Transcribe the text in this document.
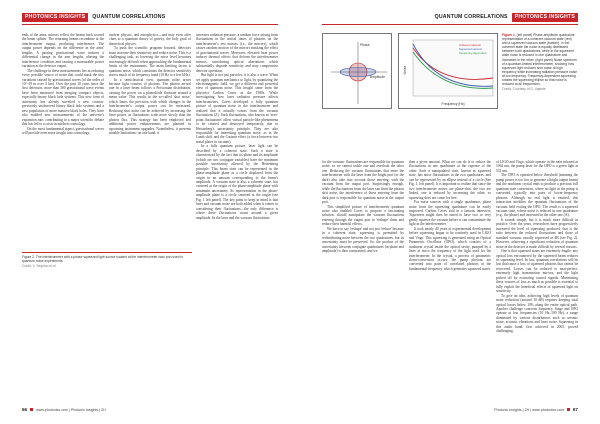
PHOTONICS INSIGHTS	QUANTUM CORRELATIONS

ends of the arms, mirrors reflect the beams back toward the beam splitter. The returning beams recombine at the interferometer output, producing interference. The output power depends on the difference in the arms' lengths. A passing gravitational wave induces a differential change in the arm lengths, altering the interference condition and causing a measurable power variation at the detector output.

The challenge in these measurements lies in reducing every possible source of noise that could mask the tiny variations caused by gravitational waves (of the order of 10^-19 m over 4 km). Over the past 10 years since the first detection, more than 300 gravitational wave events have been measured from merging compact objects, especially binary black hole systems. This new form of astronomy has already unveiled a new cosmos: previously unobserved binary black hole systems and a new population of more massive black holes. They have also enabled new measurements of the universe's expansion rate, contributing to a major scientific debate that has led to a crisis in modern cosmology.

On the most fundamental aspect, gravitational waves will provide even more insight into cosmology,

nuclear physics, and astrophysics—and may even offer clues to a quantum theory of gravity, the holy grail of theoretical physics.

To push the scientific program forward, detectors must increase their sensitivity and reduce noise. This is a challenging task, as lowering the noise level becomes increasingly difficult when approaching the fundamental limits of the instruments. The main limiting factor is quantum noise, which constrains the detector sensitivity across much of its frequency band (10 Hz to a few kHz).

In a semiclassical view, quantum noise arises because light consists of photons. The photon arrival rate in a laser beam follows a Poissonian distribution, causing the power on a photodiode fluctuate around a mean value. This results in the so-called 'shot noise,' which limits the precision with which changes in the interferometer's output power can be measured. Reducing shot noise can be achieved by increasing the laser power, as fluctuations scale more slowly than the photon flux. This strategy has been employed and additional power enhancements are planned in upcoming instrument upgrades. Nonetheless, it presents notable limitations: on one hand, it

increases radiation pressure, a random force arising from fluctuations in the arrival times of photons on the interferometer's test masses (i.e., the mirrors), which causes random motion of the mirrors masking the effect of gravitational waves. Moreover, elevated laser power induces thermal effects that deform the interferometer mirrors, introducing optical aberrations which substantially degrade sensitivity and may compromise detector operation.

But light is not just particles, it is also a wave. When we apply quantum mechanics to light, by quantizing the electromagnetic field, we get a different and powerful view of quantum noise. This insight came from the physicist Carlton Caves in the 1980s. While investigating how laser radiation pressure affects interferometers, Caves developed a fully quantum picture of quantum noise in the interferometer and realized that it actually comes from the vacuum fluctuations (Z). Such fluctuations, also known as 'zero-point fluctuations' allow virtual particle-like phenomena to be created and destroyed temporarily, due to Heisenberg's uncertainty principle. They are also responsible for interesting quantum noise, as in the Lamb shift, and the Casimir effect (a force between two metal plates in vacuum).

In a fully quantum picture, laser light can be described by a coherent state. Such a state is characterized by the fact that its phase and its amplitude (which are two conjugate variables) have the minimum possible uncertainty allowed by the Heisenberg principle. This beam state can be represented in the phase-amplitude plane as a circle displaced from the origin in an amount corresponding to the beam's amplitude. A vacuum state is also a coherent state, but centered at the origin of the phase-amplitude plane with minimum uncertainty. Its representation in the phase-amplitude plane is a circle centered at the origin (see Fig. 1 left panel). The key point to keep in mind is that laser and vacuum noise are both added when it comes to considering their fluctuations—the only difference is where these fluctuations count around a given amplitude. In the laser and the vacuum fluctuations

Figure 2. The interferometer with a phase squeezed light source located at the interferometer dark port used in quantum noise experiments.
Credit: V. Sequino et al.
66	www.photonics.com | Photonic Insights | 2H
QUANTUM CORRELATIONS	PHOTONICS INSIGHTS
Amplitude
Phase
Frequency [Hz]
Noise
Coherent vacuum
Squeezed vacuum
Frequency-dependent
Figure 1. (left panel) Phase-amplitude quadrature representation of a coherent vacuum state (red) and a squeezed vacuum state (bottom). In the coherent state the noise is equally distributed between both quadratures, while in the squeezed state noise is reduced in one quadrature and increased in the other. (right panel) Noise spectrum of a quantum-limited interferometer, showing how squeezed light reduces shot noise at high frequency while increasing radiation pressure noise at low frequency. Frequency-dependent squeezing rotates the squeezing ellipse so that noise is reduced at all frequencies.
Credit: Courtesy of G. Vajente

for the vacuum: fluctuations are responsible for quantum noise, so we cannot tackle one and overlook the other one. Reducing the vacuum fluctuations that enter the interferometer with the laser from the bright port (or the dark) also take into account those entering, with the vacuum from the output port. Surprisingly enough, while the fluctuations from the laser can limit the photon shot noise, the interference of those entering from the dark port is responsible for quantum noise at the output port.

This simplified picture of interferometer quantum noise also enabled Caves to propose a fascinating solution: should manipulate the vacuum fluctuations entering through the output port to 'reshape' them and reduce their harmful effects.

We have to say 'reshape' and not just 'reduce' because in a coherent state, squeezing is permitted by redistributing noise between the two quadratures, but its uncertainty must be preserved. So: the product of the uncertainty between conjugate quadratures (in phase and amplitude) is then constrained, and we

then a given amount. What we can do is to reduce the fluctuations in one quadrature at the expense of the other. Such a manipulated state, known as squeezed state, has noise fluctuations in the two quadratures, and can be represented by an ellipse instead of a circle (See Fig. 1, left panel). It is important to realize that since the two interferometer noises are phase-shot, the two are linked, one is reduced by increasing the other, so squeezing does not come for free.

For noise sources with a single quadrature, phase noise from the squeezing quadrature can be easily improved. Carlton Caves said in a famous interview, 'Squeezers might then be tuned to have two or very gently squeeze the vacuum before it can contaminate the light in the interferometer.'

It took nearly 40 years of experimental development before squeezing began to be routinely used in LIGO and Virgo. This squeezing is generated using an Optical Parametric Oscillator (OPO), which consists of a nonlinear crystal inside the optical cavity, pumped by a laser at twice the frequency of the light used for the interferometer. In the crystal, a process of parametric down-conversion occurs: the pump photons are converted into pairs of correlated photons at the fundamental frequency, which generates squeezed states.

of LIGO and Virgo, which operate in the near infrared at 1064 nm, the pump laser for the OPO is a green light at 532 nm.

The OPO is operated below threshold (meaning the pump power is too low to generate a bright output beam) and the nonlinear crystal ends to produce a precious full quantum state conversion, where no light in the pump is converted, typically into pairs of lower-frequency photons. Although no real light is emitted, this interaction modifies the quantum fluctuations of the vacuum field exiting the OPO. The result is a squeezed vacuum state, whose noise is reduced in one quadrature (e.g., the phase) and increased in the other one (A).

It sounds simple, but it is much more difficult in practice. Over the years, researchers have progressively increased the level of squeezing produced, that is the ratio between the reduced fluctuations and those of standard vacuum, usually expressed in dB (see Fig. 2). However, achieving a significant reduction of quantum noise in the detector is made difficult by several reasons.

One is that squeezed states are extremely fragile: any optical loss encountered by the squeezed beam reduces its squeezing level. In fact, quantum correlations will be lost that'cause a loss of squeezed photons that cannot be recovered. Losses can be reduced to near-perfect, extremely high transmission mirrors, and the light picked off by extracting control signals. Minimizing these sources of loss as much as possible is essential to fully exploit the beneficial effects of squeezed light on sensitivity.

To give an idea, achieving high levels of quantum noise reduction (around 10 dB) requires keeping total optical losses below 10% along the entire optical path. Another challenge concerns frequency. Stage and OPO operate at low frequencies (10 Hz–100 Hz), a range dominated by various disturbances such as seismic noise, acoustic vibrations and laser noise. Squeezing in this audio band, first achieved in 2005, proved challenging.

Photonic Insights | 2H | www.photonics.com 67
